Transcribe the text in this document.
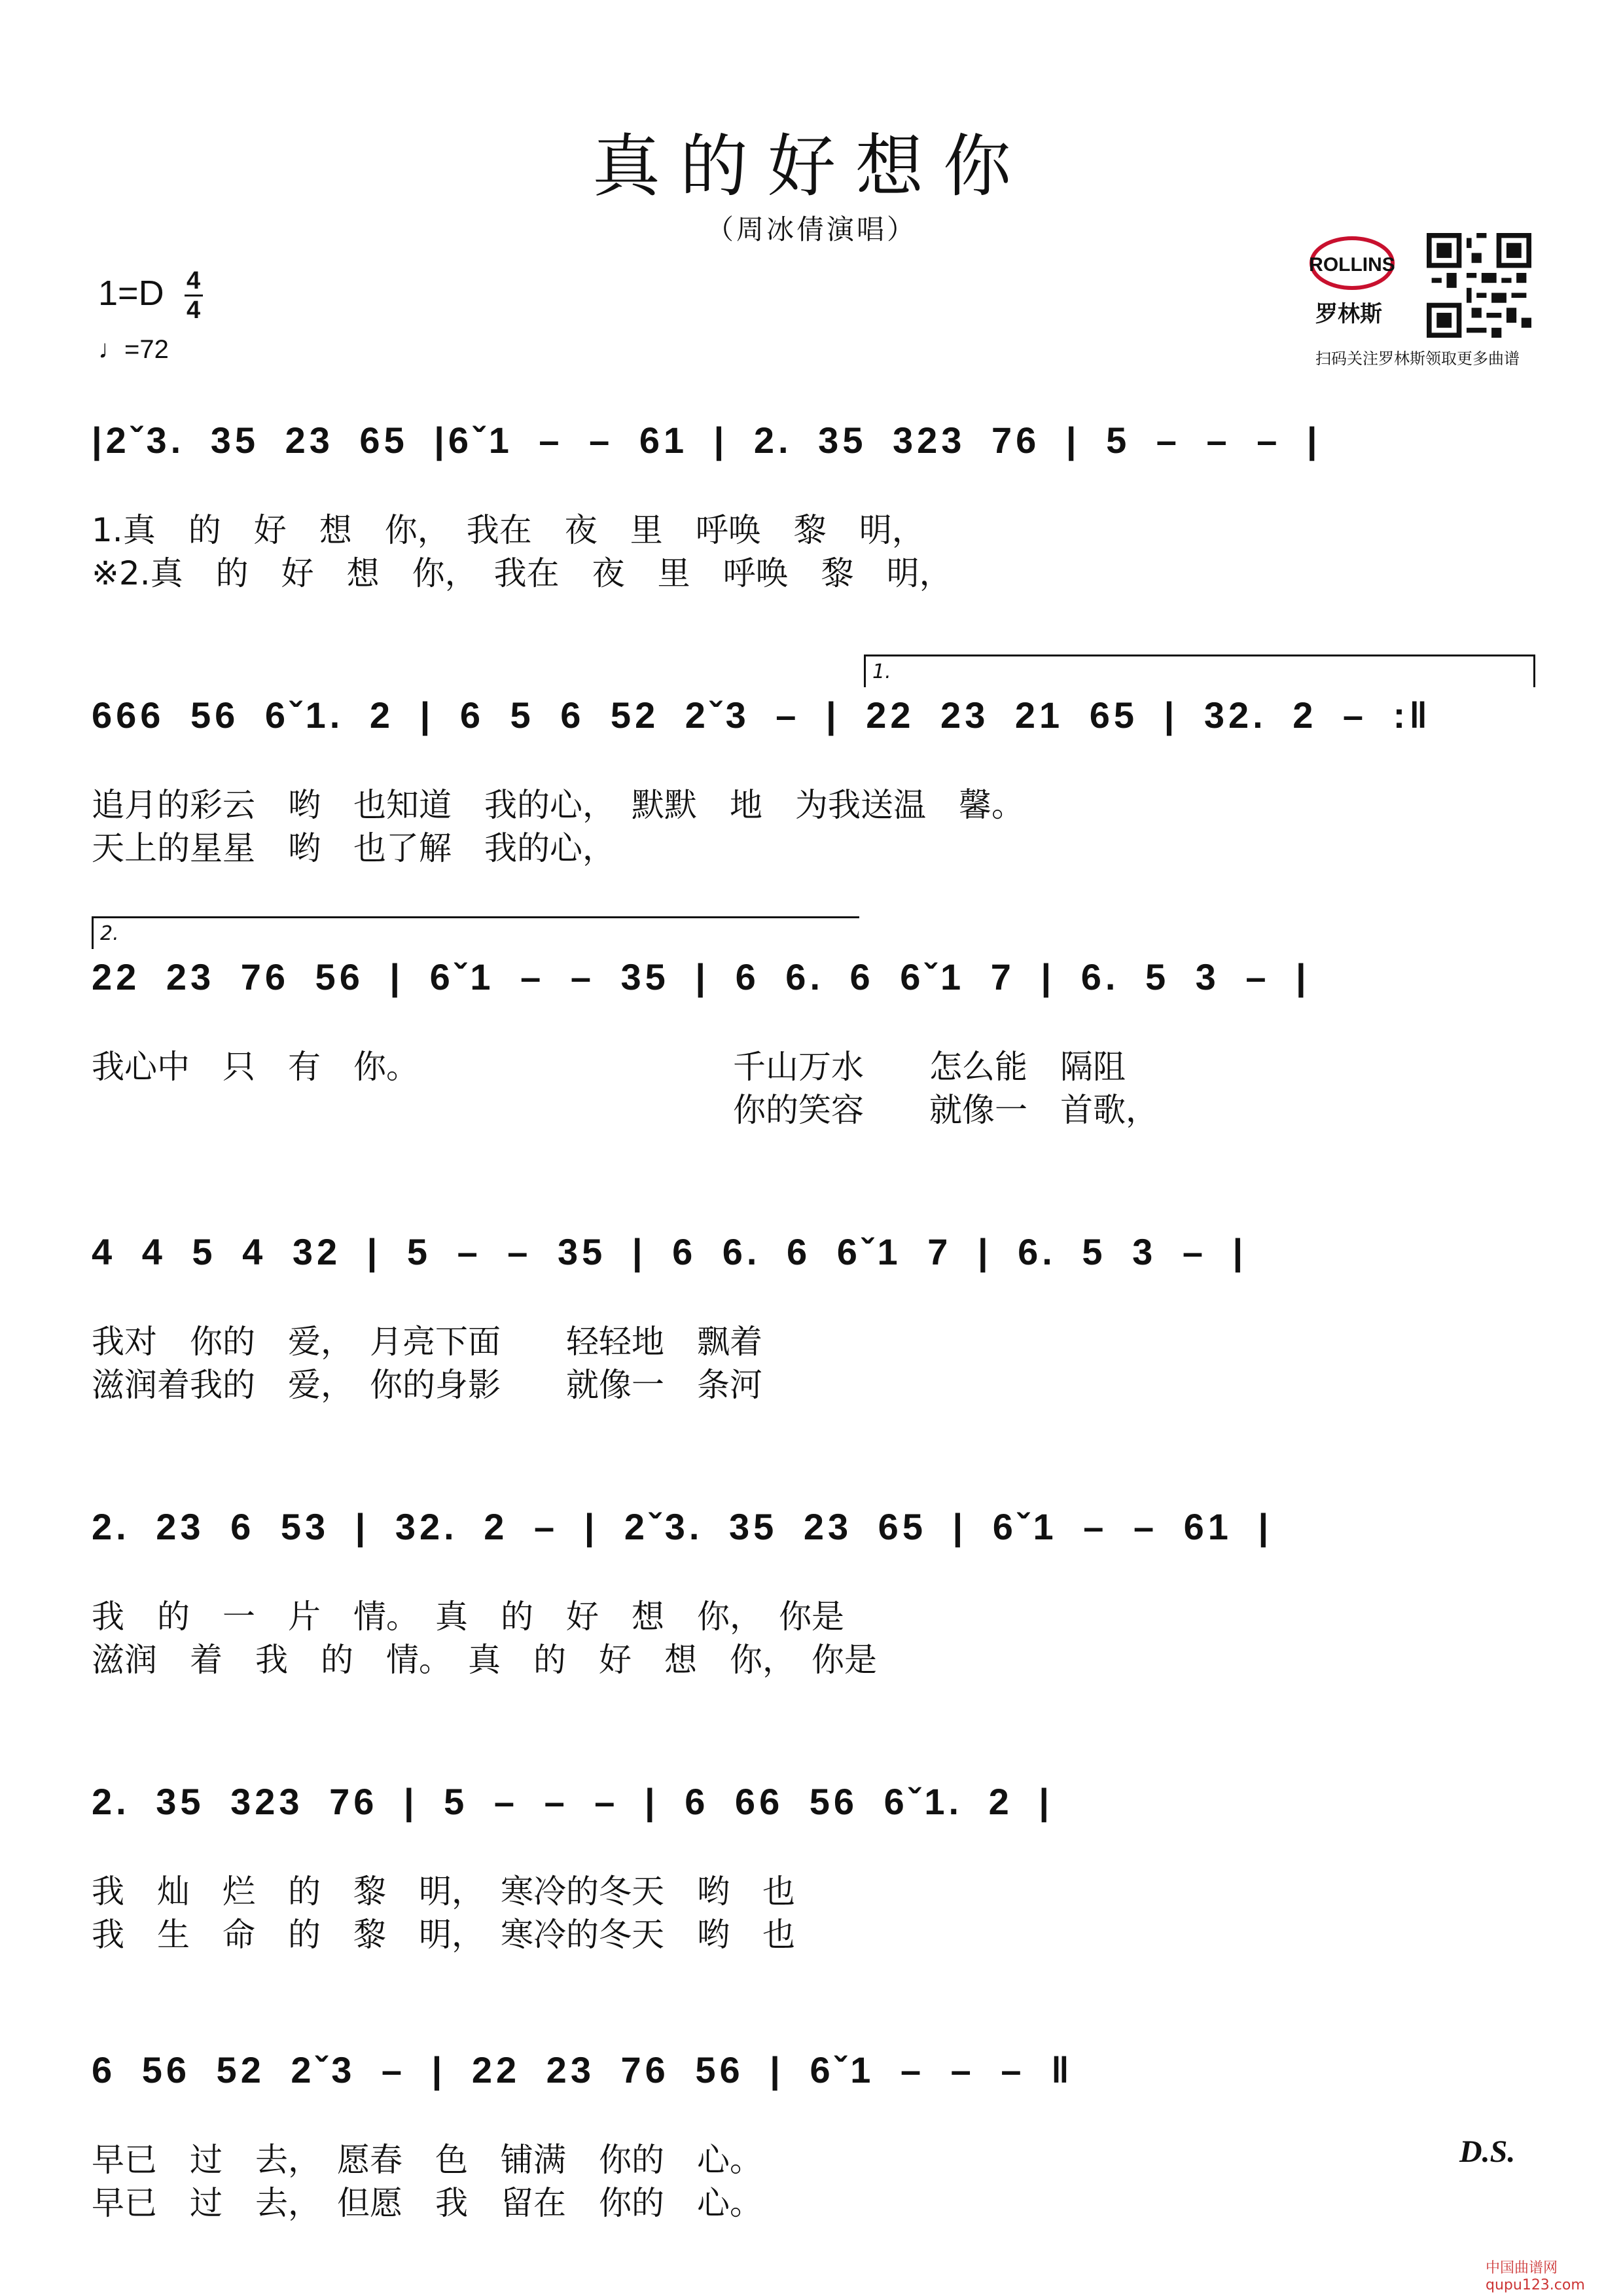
真的好想你
（周冰倩演唱）
$1=D \frac{4}{4}$
♩=72
ROLLINS
罗林斯
扫码关注罗林斯领取更多曲谱
|2ˇ3. 35 23 65 |6ˇ1 – – 61 | 2. 35 323 76 | 5 – – – |
1.真　的　好　想　你，　我在　夜　里　呼唤　黎　明，
※2.真　的　好　想　你，　我在　夜　里　呼唤　黎　明，
1.
666 56 6ˇ1. 2 | 6 5 6 52 2ˇ3 – | 22 23 21 65 | 32. 2 – :‖
追月的彩云　哟　也知道　我的心，　默默　地　为我送温　馨。
天上的星星　哟　也了解　我的心，
2.
22 23 76 56 | 6ˇ1 – – 35 | 6 6. 6 6ˇ1 7 | 6. 5 3 – |
我心中　只　有　你。	千山万水　　怎么能　隔阻
你的笑容　　就像一　首歌，
4 4 5 4 32 | 5 – – 35 | 6 6. 6 6ˇ1 7 | 6. 5 3 – |
我对　你的　爱，　月亮下面　　轻轻地　飘着
滋润着我的　爱，　你的身影　　就像一　条河
2. 23 6 53 | 32. 2 – | 2ˇ3. 35 23 65 | 6ˇ1 – – 61 |
我　的　一　片　情。　真　的　好　想　你，　你是
滋润　着　我　的　情。　真　的　好　想　你，　你是
2. 35 323 76 | 5 – – – | 6 66 56 6ˇ1. 2 |
我　灿　烂　的　黎　明，　寒冷的冬天　哟　也
我　生　命　的　黎　明，　寒冷的冬天　哟　也
6 56 52 2ˇ3 – | 22 23 76 56 | 6ˇ1 – – – ‖
早已　过　去，　愿春　色　铺满　你的　心。
早已　过　去，　但愿　我　留在　你的　心。
D.S.
中国曲谱网 qupu123.com
